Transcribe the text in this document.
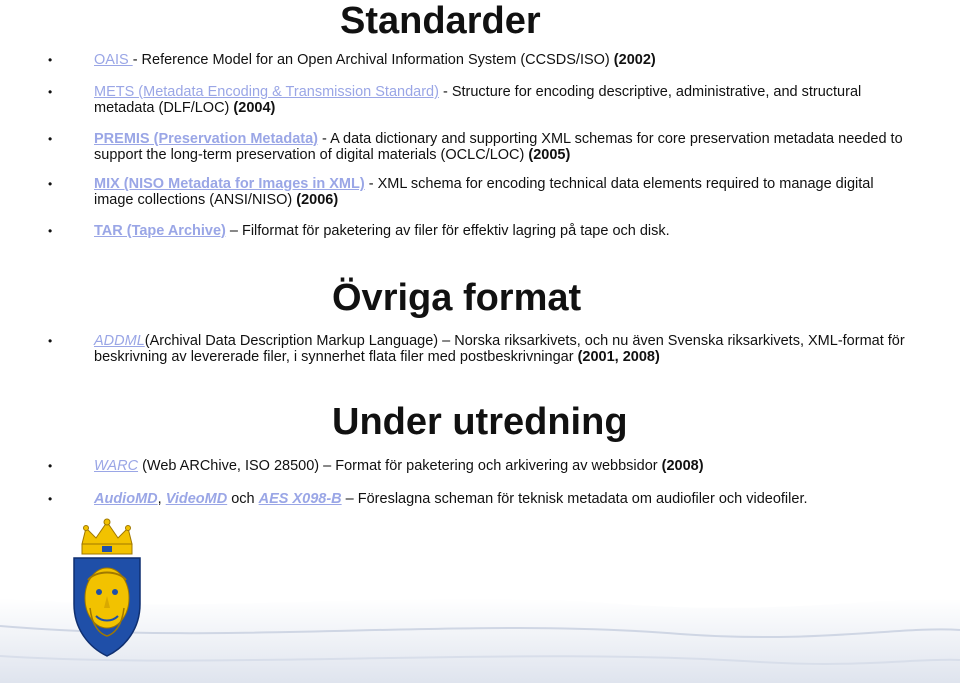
Standarder
•	OAIS - Reference Model for an Open Archival Information System (CCSDS/ISO) (2002)
•	METS (Metadata Encoding & Transmission Standard) - Structure for encoding descriptive, administrative, and structural metadata (DLF/LOC) (2004)
•	PREMIS (Preservation Metadata) - A data dictionary and supporting XML schemas for core preservation metadata needed to support the long-term preservation of digital materials (OCLC/LOC) (2005)
•	MIX (NISO Metadata for Images in XML) - XML schema for encoding technical data elements required to manage digital image collections (ANSI/NISO) (2006)
•	TAR (Tape Archive) – Filformat för paketering av filer för effektiv lagring på tape och disk.
Övriga format
•	ADDML(Archival Data Description Markup Language) – Norska riksarkivets, och nu även Svenska riksarkivets, XML-format för beskrivning av levererade filer, i synnerhet flata filer med postbeskrivningar (2001, 2008)
Under utredning
•	WARC (Web ARChive, ISO 28500) – Format för paketering och arkivering av webbsidor (2008)
•	AudioMD, VideoMD och AES X098-B – Föreslagna scheman för teknisk metadata om audiofiler och videofiler.
